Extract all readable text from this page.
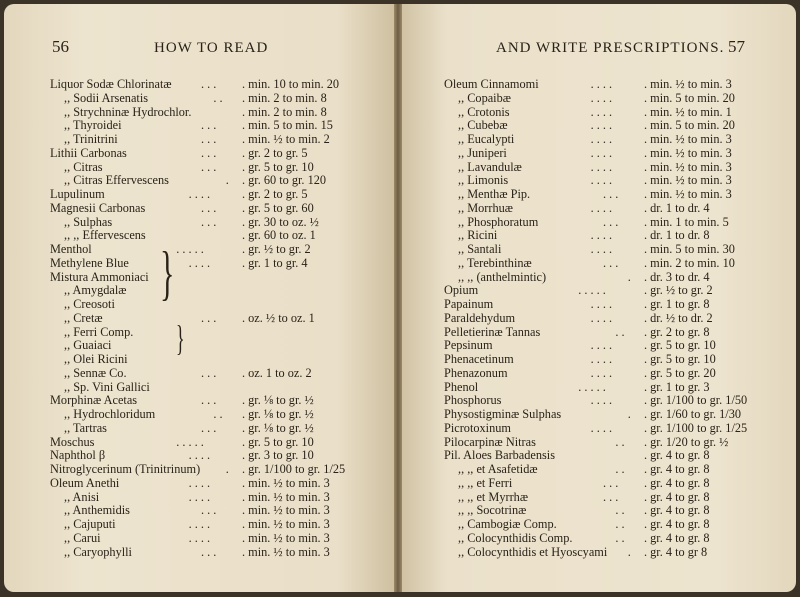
56	HOW TO READ	AND WRITE PRESCRIPTIONS. 57
Liquor Sodæ Chlorinatæ . . . . min. 10 to min. 20
,, Sodii Arsenatis	. . . min. 2 to min. 8
,, Strychninæ Hydrochlor.	. min. 2 to min. 8
,, Thyroidei	. . . . min. 5 to min. 15
,, Trinitrini	. . . . min. ½ to min. 2
Lithii Carbonas	. . . . gr. 2 to gr. 5
,, Citras	. . . . gr. 5 to gr. 10
,, Citras Effervescens	. . gr. 60 to gr. 120
Lupulinum	. . . .	. gr. 2 to gr. 5
Magnesii Carbonas	. . . . gr. 5 to gr. 60
,, Sulphas	. . . . gr. 30 to oz. ½
,, ,, Effervescens	. gr. 60 to oz. 1
Menthol	. . . . .	. gr. ½ to gr. 2
Methylene Blue	. . . .	. gr. 1 to gr. 4
Mistura Ammoniaci
,, Amygdalæ
,, Creosoti
,, Cretæ	. . . . oz. ½ to oz. 1
,, Ferri Comp.
,, Guaiaci
,, Olei Ricini
,, Sennæ Co.	. . . . oz. 1 to oz. 2
,, Sp. Vini Gallici
Morphinæ Acetas	. . . . gr. ⅛ to gr. ½
,, Hydrochloridum	. . . gr. ⅛ to gr. ½
,, Tartras	. . . . gr. ⅛ to gr. ½
Moschus	. . . . .	. gr. 5 to gr. 10
Naphthol β	. . . .	. gr. 3 to gr. 10
Nitroglycerinum (Trinitrinum) . . gr. 1/100 to gr. 1/25
Oleum Anethi	. . . .	. min. ½ to min. 3
,, Anisi	. . . .	. min. ½ to min. 3
,, Anthemidis	. . . . min. ½ to min. 3
,, Cajuputi	. . . .	. min. ½ to min. 3
,, Carui	. . . .	. min. ½ to min. 3
,, Caryophylli	. . . . min. ½ to min. 3
Oleum Cinnamomi	. . . .	. min. ½ to min. 3
,, Copaibæ	. . . .	. min. 5 to min. 20
,, Crotonis	. . . .	. min. ½ to min. 1
,, Cubebæ	. . . .	. min. 5 to min. 20
,, Eucalypti	. . . .	. min. ½ to min. 3
,, Juniperi	. . . .	. min. ½ to min. 3
,, Lavandulæ	. . . .	. min. ½ to min. 3
,, Limonis	. . . .	. min. ½ to min. 3
,, Menthæ Pip.	. . . . min. ½ to min. 3
,, Morrhuæ	. . . .	. dr. 1 to dr. 4
,, Phosphoratum	. . . . min. 1 to min. 5
,, Ricini	. . . .	. dr. 1 to dr. 8
,, Santali	. . . .	. min. 5 to min. 30
,, Terebinthinæ	. . . . min. 2 to min. 10
,, ,, (anthelmintic)	. . dr. 3 to dr. 4
Opium	. . . . .	. gr. ½ to gr. 2
Papainum	. . . .	. gr. 1 to gr. 8
Paraldehydum	. . . .	. dr. ½ to dr. 2
Pelletierinæ Tannas	. . . gr. 2 to gr. 8
Pepsinum	. . . .	. gr. 5 to gr. 10
Phenacetinum	. . . .	. gr. 5 to gr. 10
Phenazonum	. . . .	. gr. 5 to gr. 20
Phenol	. . . . .	. gr. 1 to gr. 3
Phosphorus	. . . .	. gr. 1/100 to gr. 1/50
Physostigminæ Sulphas	. . gr. 1/60 to gr. 1/30
Picrotoxinum	. . . .	. gr. 1/100 to gr. 1/25
Pilocarpinæ Nitras	. . . gr. 1/20 to gr. ½
Pil. Aloes Barbadensis	. gr. 4 to gr. 8
,, ,, et Asafetidæ	. . . gr. 4 to gr. 8
,, ,, et Ferri	. . . . gr. 4 to gr. 8
,, ,, et Myrrhæ	. . . . gr. 4 to gr. 8
,, ,, Socotrinæ	. . . gr. 4 to gr. 8
,, Cambogiæ Comp.	. . . gr. 4 to gr. 8
,, Colocynthidis Comp.	. . . gr. 4 to gr. 8
,, Colocynthidis et Hyoscyami . . gr. 4 to gr 8
}
}
